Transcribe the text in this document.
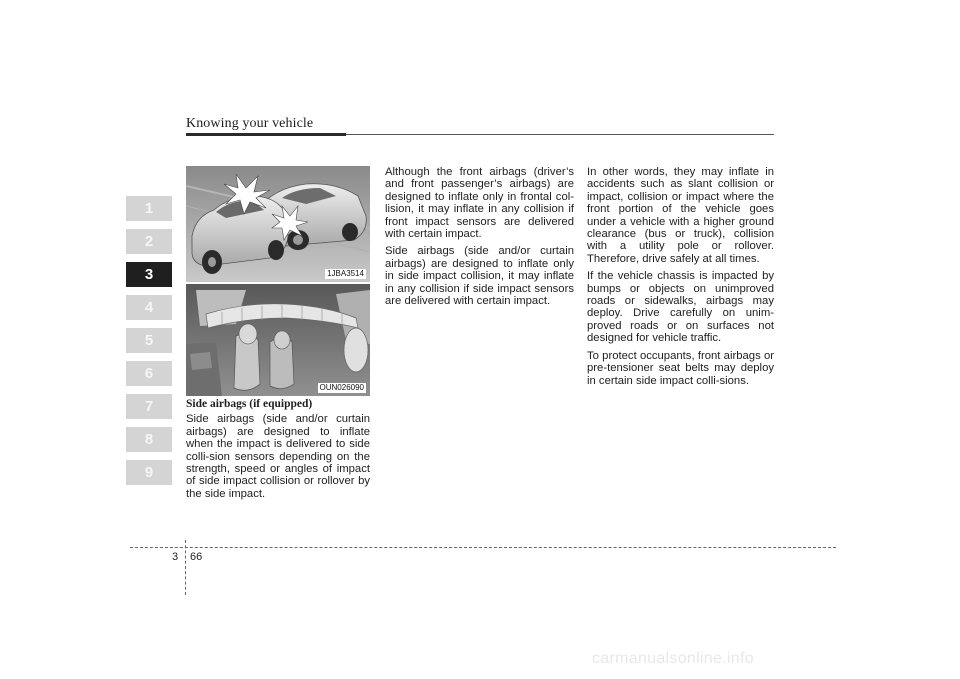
Knowing your vehicle
1
2
3
4
5
6
7
8
9
1JBA3514
OUN026090
Side airbags (if equipped)

Side airbags (side and/or curtain airbags) are designed to inflate when the impact is delivered to side colli-sion sensors depending on the strength, speed or angles of impact of side impact collision or rollover by the side impact.

Although the front airbags (driver’s and front passenger’s airbags) are designed to inflate only in frontal col-lision, it may inflate in any collision if front impact sensors are delivered with certain impact.

Side airbags (side and/or curtain airbags) are designed to inflate only in side impact collision, it may inflate in any collision if side impact sensors are delivered with certain impact.

In other words, they may inflate in accidents such as slant collision or impact, collision or impact where the front portion of the vehicle goes under a vehicle with a higher ground clearance (bus or truck), collision with a utility pole or rollover. Therefore, drive safely at all times.

If the vehicle chassis is impacted by bumps or objects on unimproved roads or sidewalks, airbags may deploy. Drive carefully on unim-proved roads or on surfaces not designed for vehicle traffic.

To protect occupants, front airbags or pre-tensioner seat belts may deploy in certain side impact colli-sions.

3 66
carmanualsonline.info
